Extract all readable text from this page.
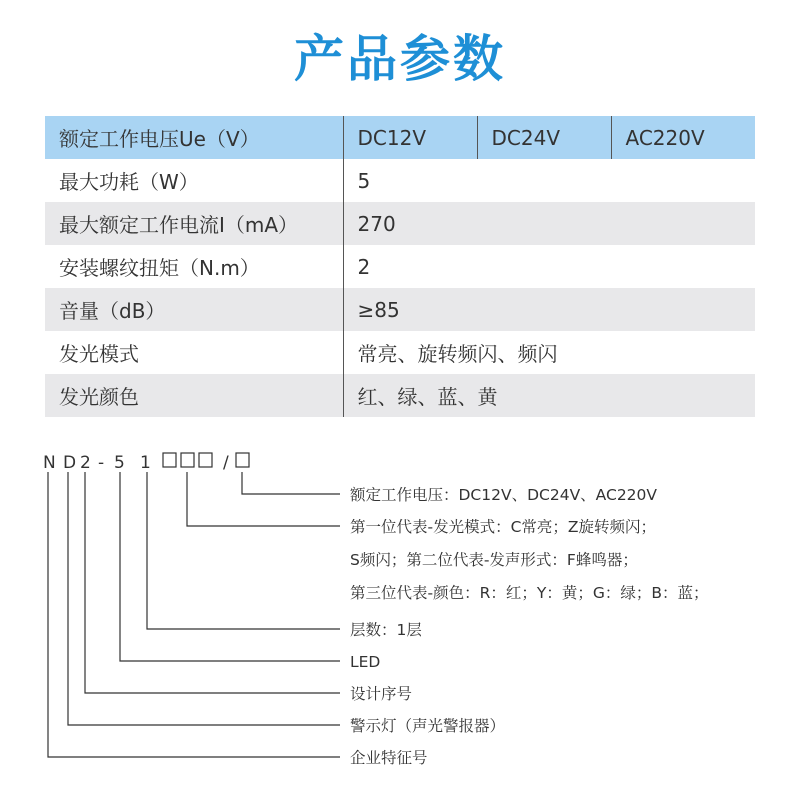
产品参数
额定工作电压Ue（V）	DC12V	DC24V	AC220V
最大功耗（W）	5		
最大额定工作电流I（mA）	270		
安装螺纹扭矩（N.m）	2		
音量（dB）	≥85		
发光模式	常亮、旋转频闪、频闪		
发光颜色	红、绿、蓝、黄		
N D 2 - 5 1	/
额定工作电压：DC12V、DC24V、AC220V
第一位代表-发光模式：C常亮；Z旋转频闪；
S频闪；第二位代表-发声形式：F蜂鸣器；
第三位代表-颜色：R：红；Y：黄；G：绿；B：蓝；
层数：1层
LED
设计序号
警示灯（声光警报器）
企业特征号
